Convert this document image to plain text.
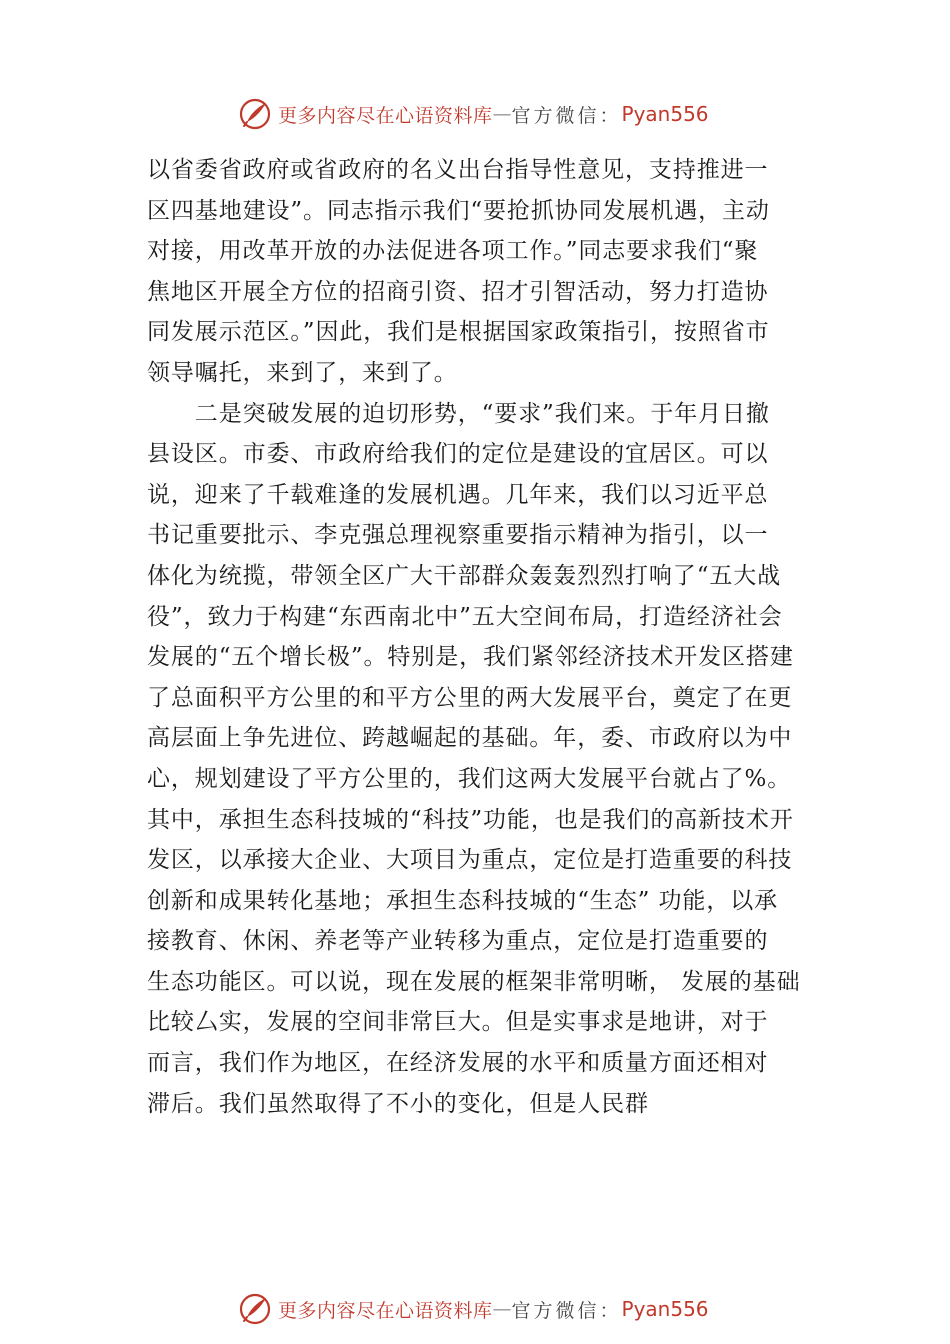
更多内容尽在心语资料库 — 官方微信： Pyan556
以省委省政府或省政府的名义出台指导性意见，支持推进一
区四基地建设”。同志指示我们“要抢抓协同发展机遇，主动
对接，用改革开放的办法促进各项工作。”同志要求我们“聚
焦地区开展全方位的招商引资、招才引智活动，努力打造协
同发展示范区。”因此，我们是根据国家政策指引，按照省市
领导嘱托，来到了，来到了。
　　二是突破发展的迫切形势，“要求”我们来。于年月日撤
县设区。市委、市政府给我们的定位是建设的宜居区。可以
说，迎来了千载难逢的发展机遇。几年来，我们以习近平总
书记重要批示、李克强总理视察重要指示精神为指引，以一
体化为统揽，带领全区广大干部群众轰轰烈烈打响了“五大战
役”，致力于构建“东西南北中”五大空间布局，打造经济社会
发展的“五个增长极”。特别是，我们紧邻经济技术开发区搭建
了总面积平方公里的和平方公里的两大发展平台，奠定了在更
高层面上争先进位、跨越崛起的基础。年，委、市政府以为中
心，规划建设了平方公里的，我们这两大发展平台就占了%。
其中，承担生态科技城的“科技”功能，也是我们的高新技术开
发区，以承接大企业、大项目为重点，定位是打造重要的科技
创新和成果转化基地；承担生态科技城的“生态” 功能，以承
接教育、休闲、养老等产业转移为重点，定位是打造重要的
生态功能区。可以说，现在发展的框架非常明晰， 发展的基础
比较厶实，发展的空间非常巨大。但是实事求是地讲，对于
而言，我们作为地区，在经济发展的水平和质量方面还相对
滞后。我们虽然取得了不小的变化，但是人民群
更多内容尽在心语资料库 — 官方微信： Pyan556
